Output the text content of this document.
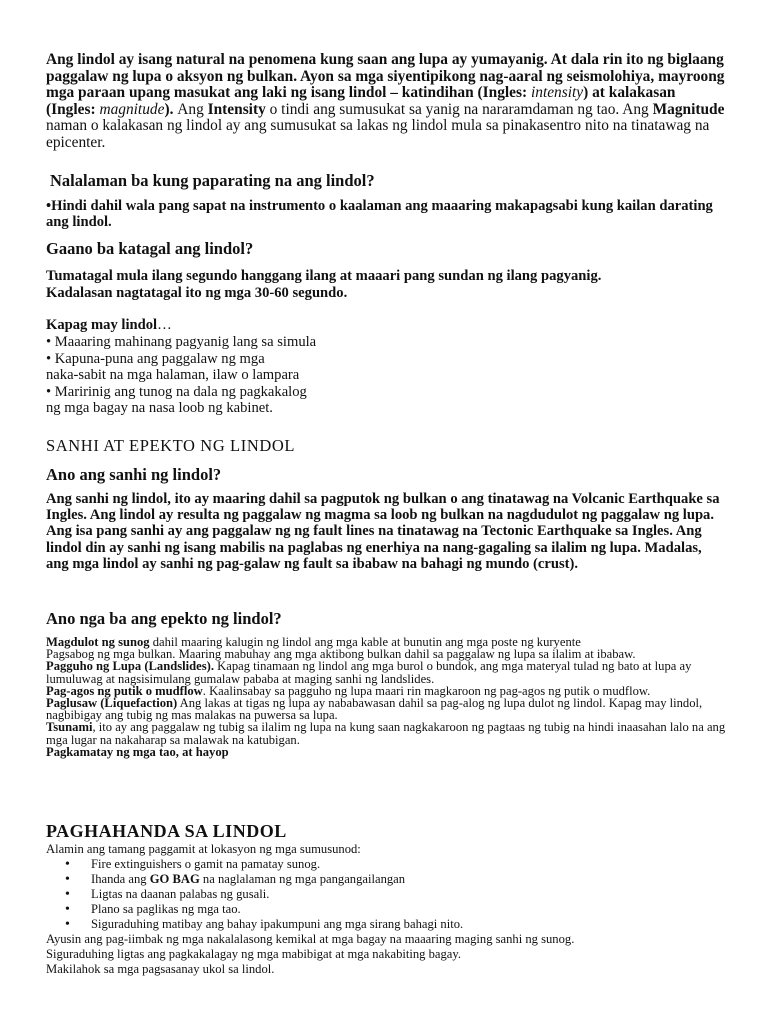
Ang lindol ay isang natural na penomena kung saan ang lupa ay yumayanig. At dala rin ito ng biglaang paggalaw ng lupa o aksyon ng bulkan. Ayon sa mga siyentipikong nag-aaral ng seismolohiya, mayroong mga paraan upang masukat ang laki ng isang lindol – katindihan (Ingles: intensity) at kalakasan (Ingles: magnitude). Ang Intensity o tindi ang sumusukat sa yanig na nararamdaman ng tao. Ang Magnitude naman o kalakasan ng lindol ay ang sumusukat sa lakas ng lindol mula sa pinakasentro nito na tinatawag na epicenter.

Nalalaman ba kung paparating na ang lindol?

•Hindi dahil wala pang sapat na instrumento o kaalaman ang maaaring makapagsabi kung kailan darating ang lindol.

Gaano ba katagal ang lindol?

Tumatagal mula ilang segundo hanggang ilang at maaari pang sundan ng ilang pagyanig.

Kadalasan nagtatagal ito ng mga 30-60 segundo.

Kapag may lindol…

• Maaaring mahinang pagyanig lang sa simula
• Kapuna-puna ang paggalaw ng mga
naka-sabit na mga halaman, ilaw o lampara
• Maririnig ang tunog na dala ng pagkakalog
ng mga bagay na nasa loob ng kabinet.

SANHI AT EPEKTO NG LINDOL

Ano ang sanhi ng lindol?

Ang sanhi ng lindol, ito ay maaring dahil sa pagputok ng bulkan o ang tinatawag na Volcanic Earthquake sa Ingles. Ang lindol ay resulta ng paggalaw ng magma sa loob ng bulkan na nagdudulot ng paggalaw ng lupa. Ang isa pang sanhi ay ang paggalaw ng ng fault lines na tinatawag na Tectonic Earthquake sa Ingles. Ang lindol din ay sanhi ng isang mabilis na paglabas ng enerhiya na nang-gagaling sa ilalim ng lupa. Madalas, ang mga lindol ay sanhi ng pag-galaw ng fault sa ibabaw na bahagi ng mundo (crust).

Ano nga ba ang epekto ng lindol?

Magdulot ng sunog dahil maaring kalugin ng lindol ang mga kable at bunutin ang mga poste ng kuryente
Pagsabog ng mga bulkan. Maaring mabuhay ang mga aktibong bulkan dahil sa paggalaw ng lupa sa ilalim at ibabaw.
Pagguho ng Lupa (Landslides). Kapag tinamaan ng lindol ang mga burol o bundok, ang mga materyal tulad ng bato at lupa ay lumuluwag at nagsisimulang gumalaw pababa at maging sanhi ng landslides.
Pag-agos ng putik o mudflow. Kaalinsabay sa pagguho ng lupa maari rin magkaroon ng pag-agos ng putik o mudflow.
Paglusaw (Liquefaction) Ang lakas at tigas ng lupa ay nababawasan dahil sa pag-alog ng lupa dulot ng lindol. Kapag may lindol, nagbibigay ang tubig ng mas malakas na puwersa sa lupa.
Tsunami, ito ay ang paggalaw ng tubig sa ilalim ng lupa na kung saan nagkakaroon ng pagtaas ng tubig na hindi inaasahan lalo na ang mga lugar na nakaharap sa malawak na katubigan.
Pagkamatay ng mga tao, at hayop

PAGHAHANDA SA LINDOL

Alamin ang tamang paggamit at lokasyon ng mga sumusunod:
• Fire extinguishers o gamit na pamatay sunog.
• Ihanda ang GO BAG na naglalaman ng mga pangangailangan
• Ligtas na daanan palabas ng gusali.
• Plano sa paglikas ng mga tao.
• Siguraduhing matibay ang bahay ipakumpuni ang mga sirang bahagi nito.
Ayusin ang pag-iimbak ng mga nakalalasong kemikal at mga bagay na maaaring maging sanhi ng sunog.
Siguraduhing ligtas ang pagkakalagay ng mga mabibigat at mga nakabiting bagay.
Makilahok sa mga pagsasanay ukol sa lindol.
